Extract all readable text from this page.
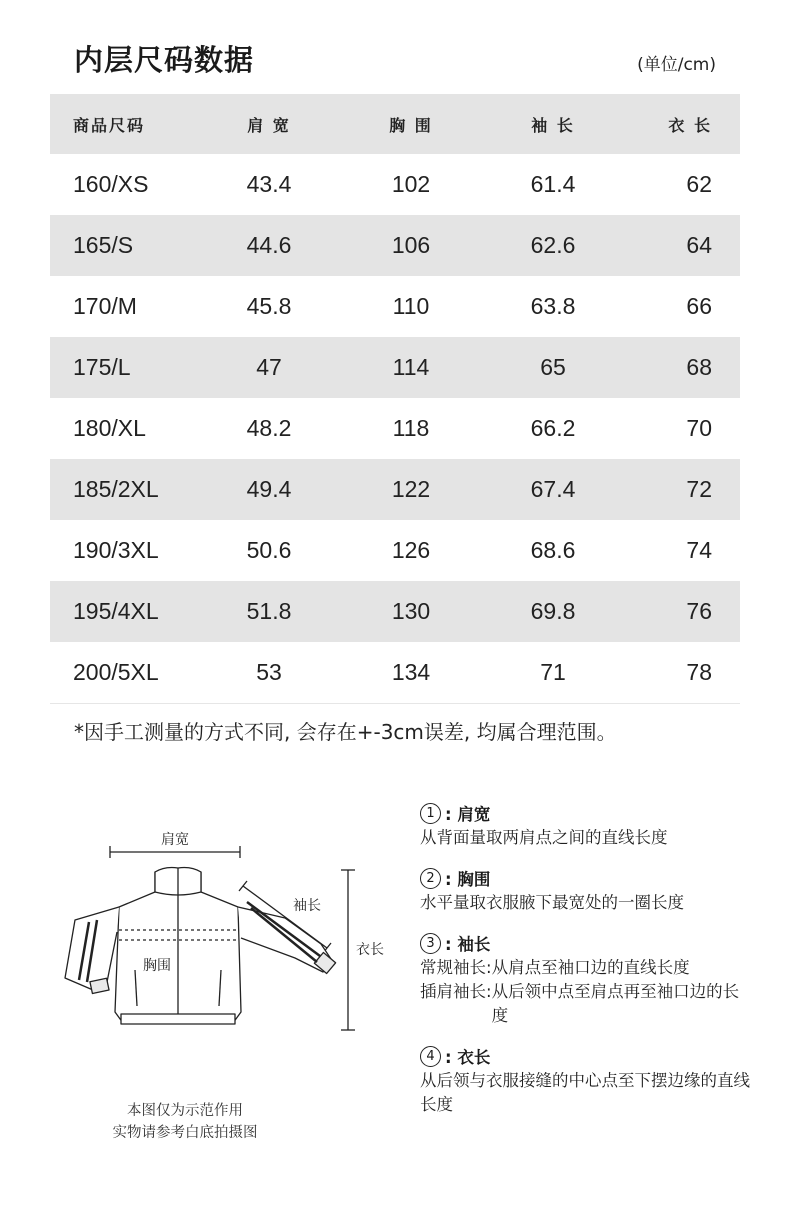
内层尺码数据	(单位/cm)
商品尺码	肩 宽	胸 围	袖 长	衣 长
160/XS	43.4	102	61.4	62
165/S	44.6	106	62.6	64
170/M	45.8	110	63.8	66
175/L	47	114	65	68
180/XL	48.2	118	66.2	70
185/2XL	49.4	122	67.4	72
190/3XL	50.6	126	68.6	74
195/4XL	51.8	130	69.8	76
200/5XL	53	134	71	78
*因手工测量的方式不同, 会存在+-3cm误差, 均属合理范围。
肩宽
袖长
胸围
衣长
本图仅为示范作用
实物请参考白底拍摄图
1 : 肩宽
从背面量取两肩点之间的直线长度
2 : 胸围
水平量取衣服腋下最宽处的一圈长度
3 : 袖长
常规袖长: 从肩点至袖口边的直线长度
插肩袖长: 从后领中点至肩点再至袖口边的长度
4 : 衣长
从后领与衣服接缝的中心点至下摆边缘的直线长度
